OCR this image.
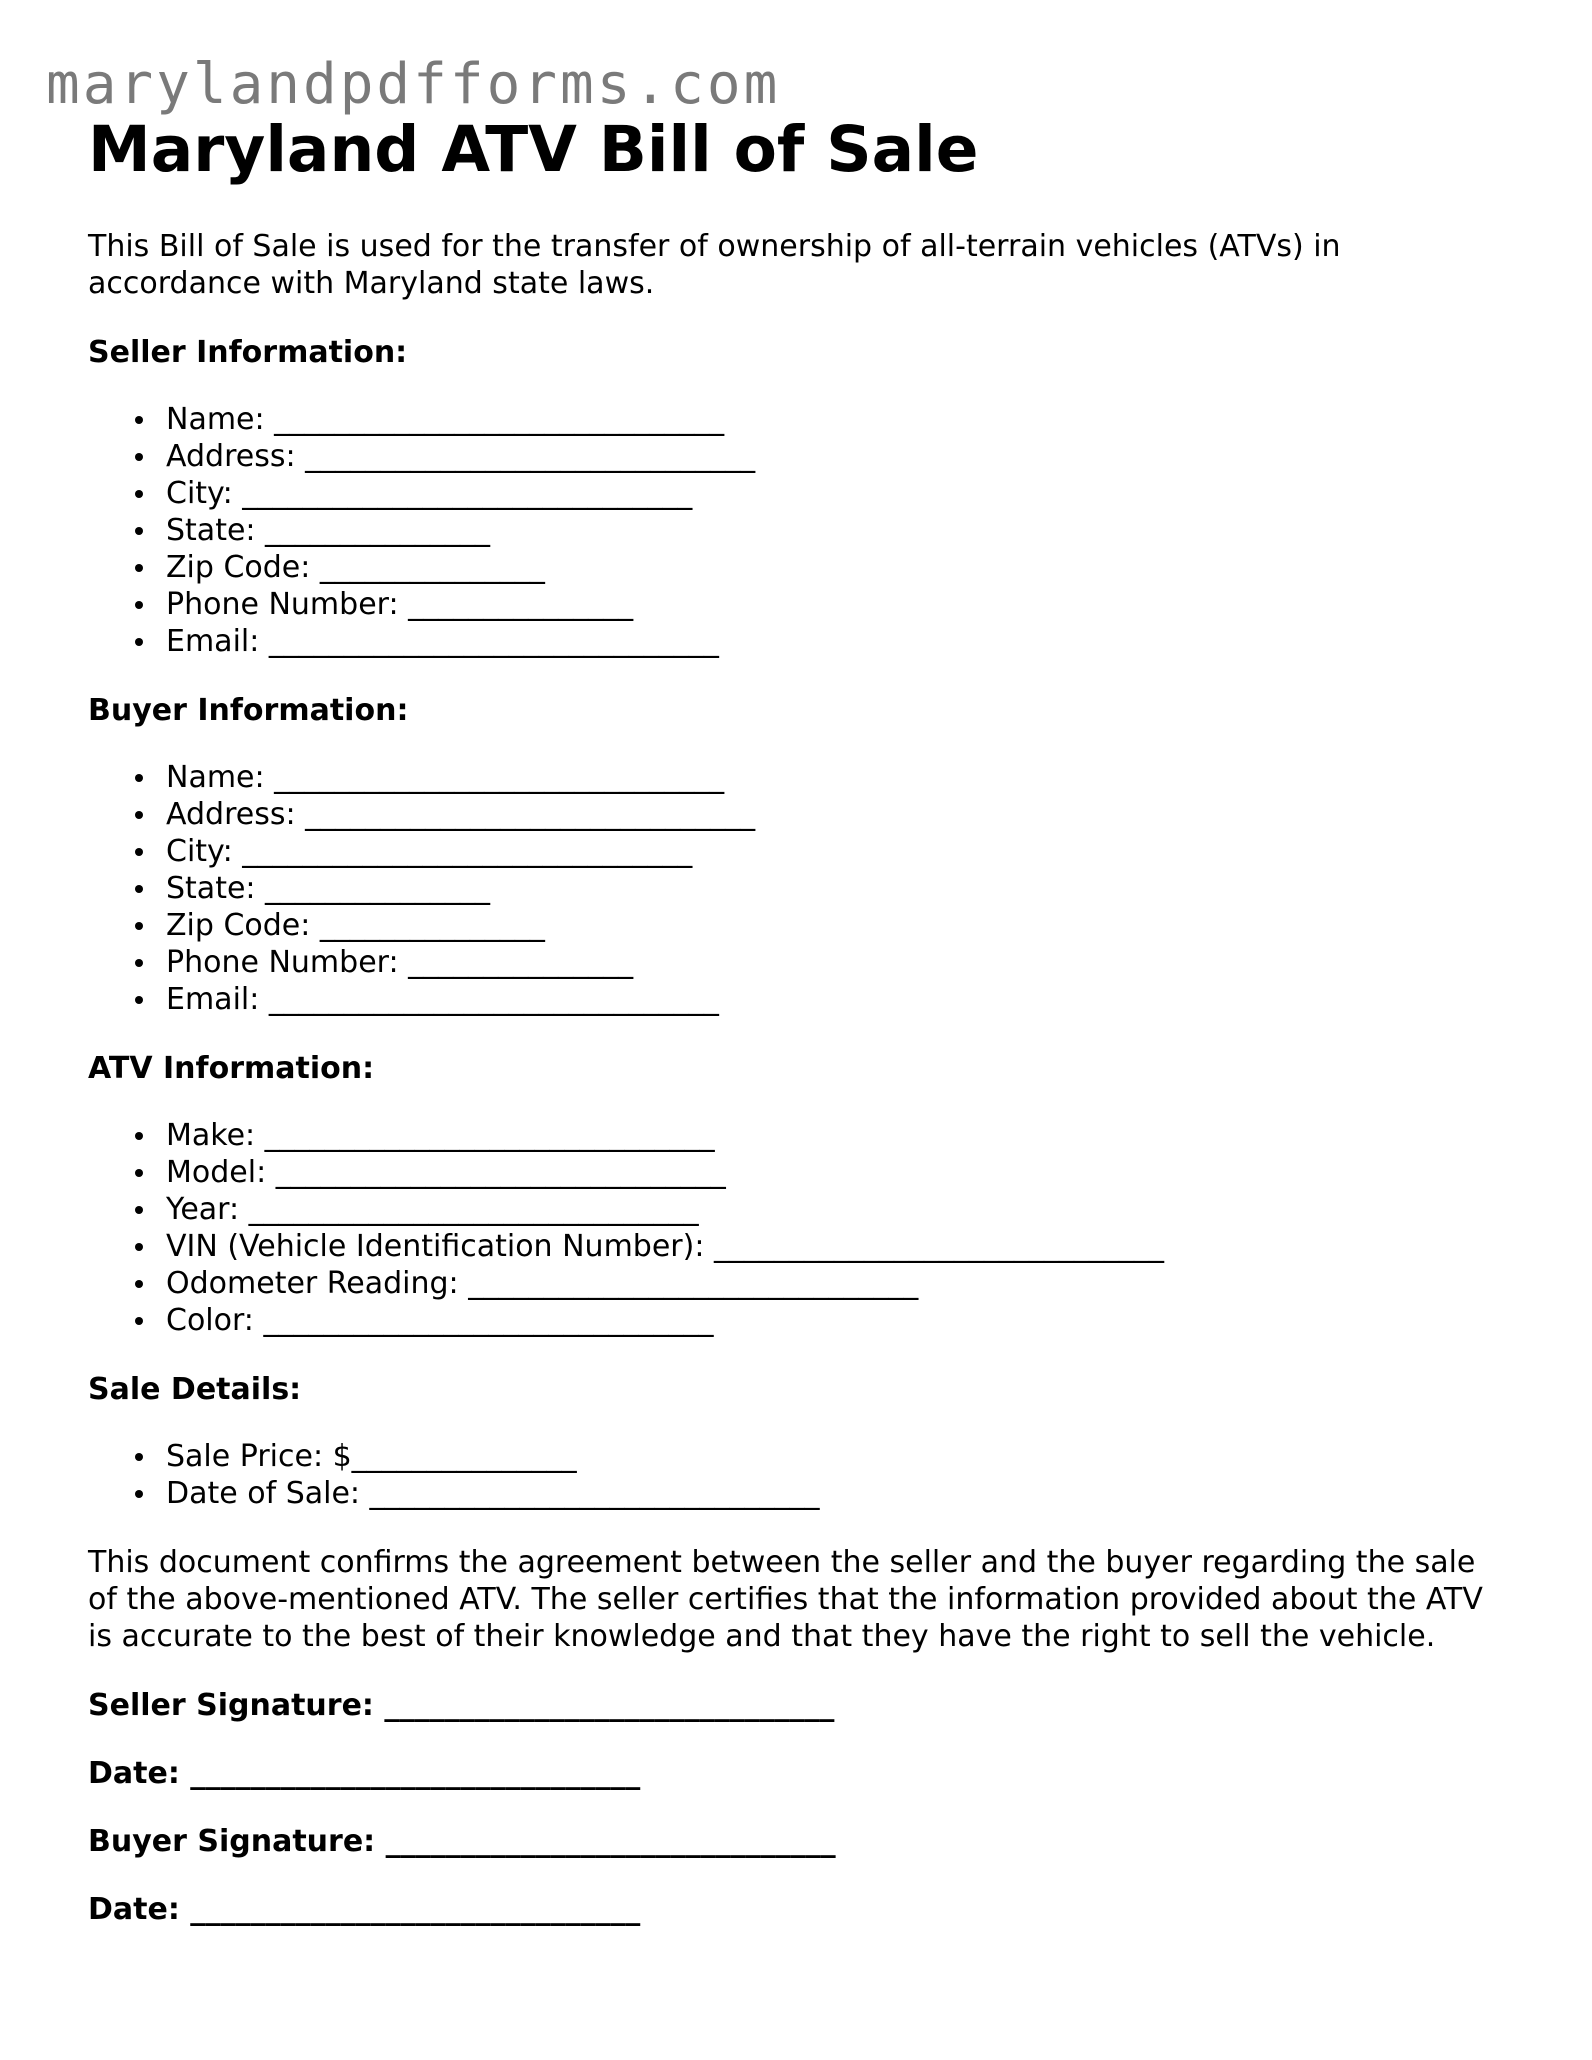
marylandpdfforms.com
Maryland ATV Bill of Sale

This Bill of Sale is used for the transfer of ownership of all-terrain vehicles (ATVs) in accordance with Maryland state laws.

Seller Information:
Name: ______________________________
Address: ______________________________
City: ______________________________
State: _______________
Zip Code: _______________
Phone Number: _______________
Email: ______________________________
Buyer Information:
Name: ______________________________
Address: ______________________________
City: ______________________________
State: _______________
Zip Code: _______________
Phone Number: _______________
Email: ______________________________
ATV Information:
Make: ______________________________
Model: ______________________________
Year: ______________________________
VIN (Vehicle Identification Number): ______________________________
Odometer Reading: ______________________________
Color: ______________________________
Sale Details:
Sale Price: $_______________
Date of Sale: ______________________________

This document confirms the agreement between the seller and the buyer regarding the sale of the above-mentioned ATV. The seller certifies that the information provided about the ATV is accurate to the best of their knowledge and that they have the right to sell the vehicle.

Seller Signature: ______________________________
Date: ______________________________
Buyer Signature: ______________________________
Date: ______________________________
